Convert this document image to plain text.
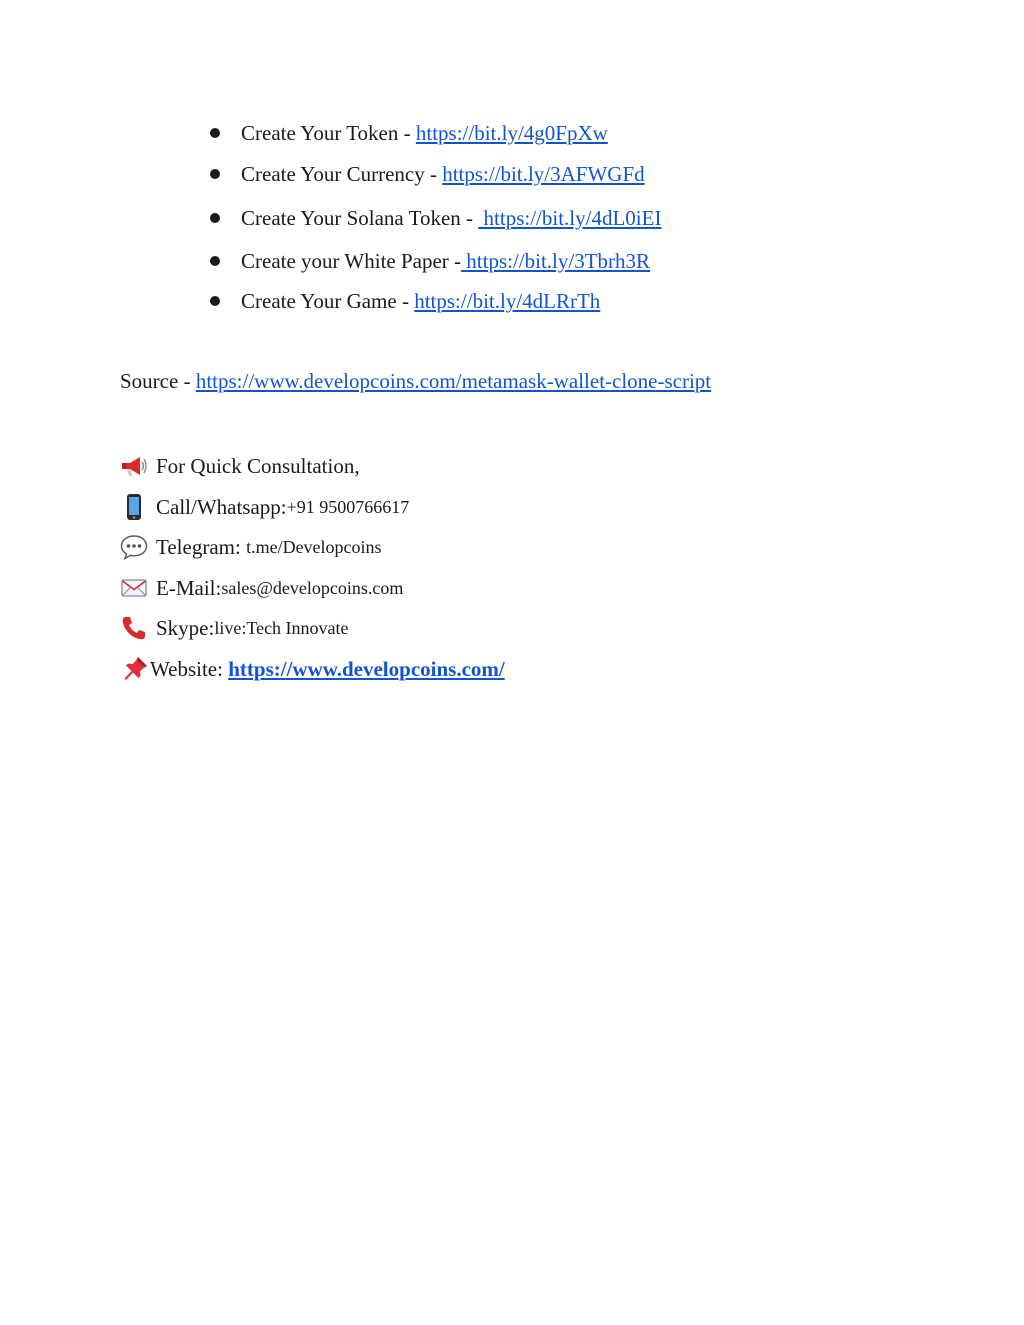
Create Your Token - https://bit.ly/4g0FpXw
Create Your Currency - https://bit.ly/3AFWGFd
Create Your Solana Token -  https://bit.ly/4dL0iEI
Create your White Paper - https://bit.ly/3Tbrh3R
Create Your Game - https://bit.ly/4dLRrTh
Source - https://www.developcoins.com/metamask-wallet-clone-script
For Quick Consultation,
Call/Whatsapp: +91 9500766617
Telegram: t.me/Developcoins
E-Mail: sales@developcoins.com
Skype: live:Tech Innovate
Website: https://www.developcoins.com/
